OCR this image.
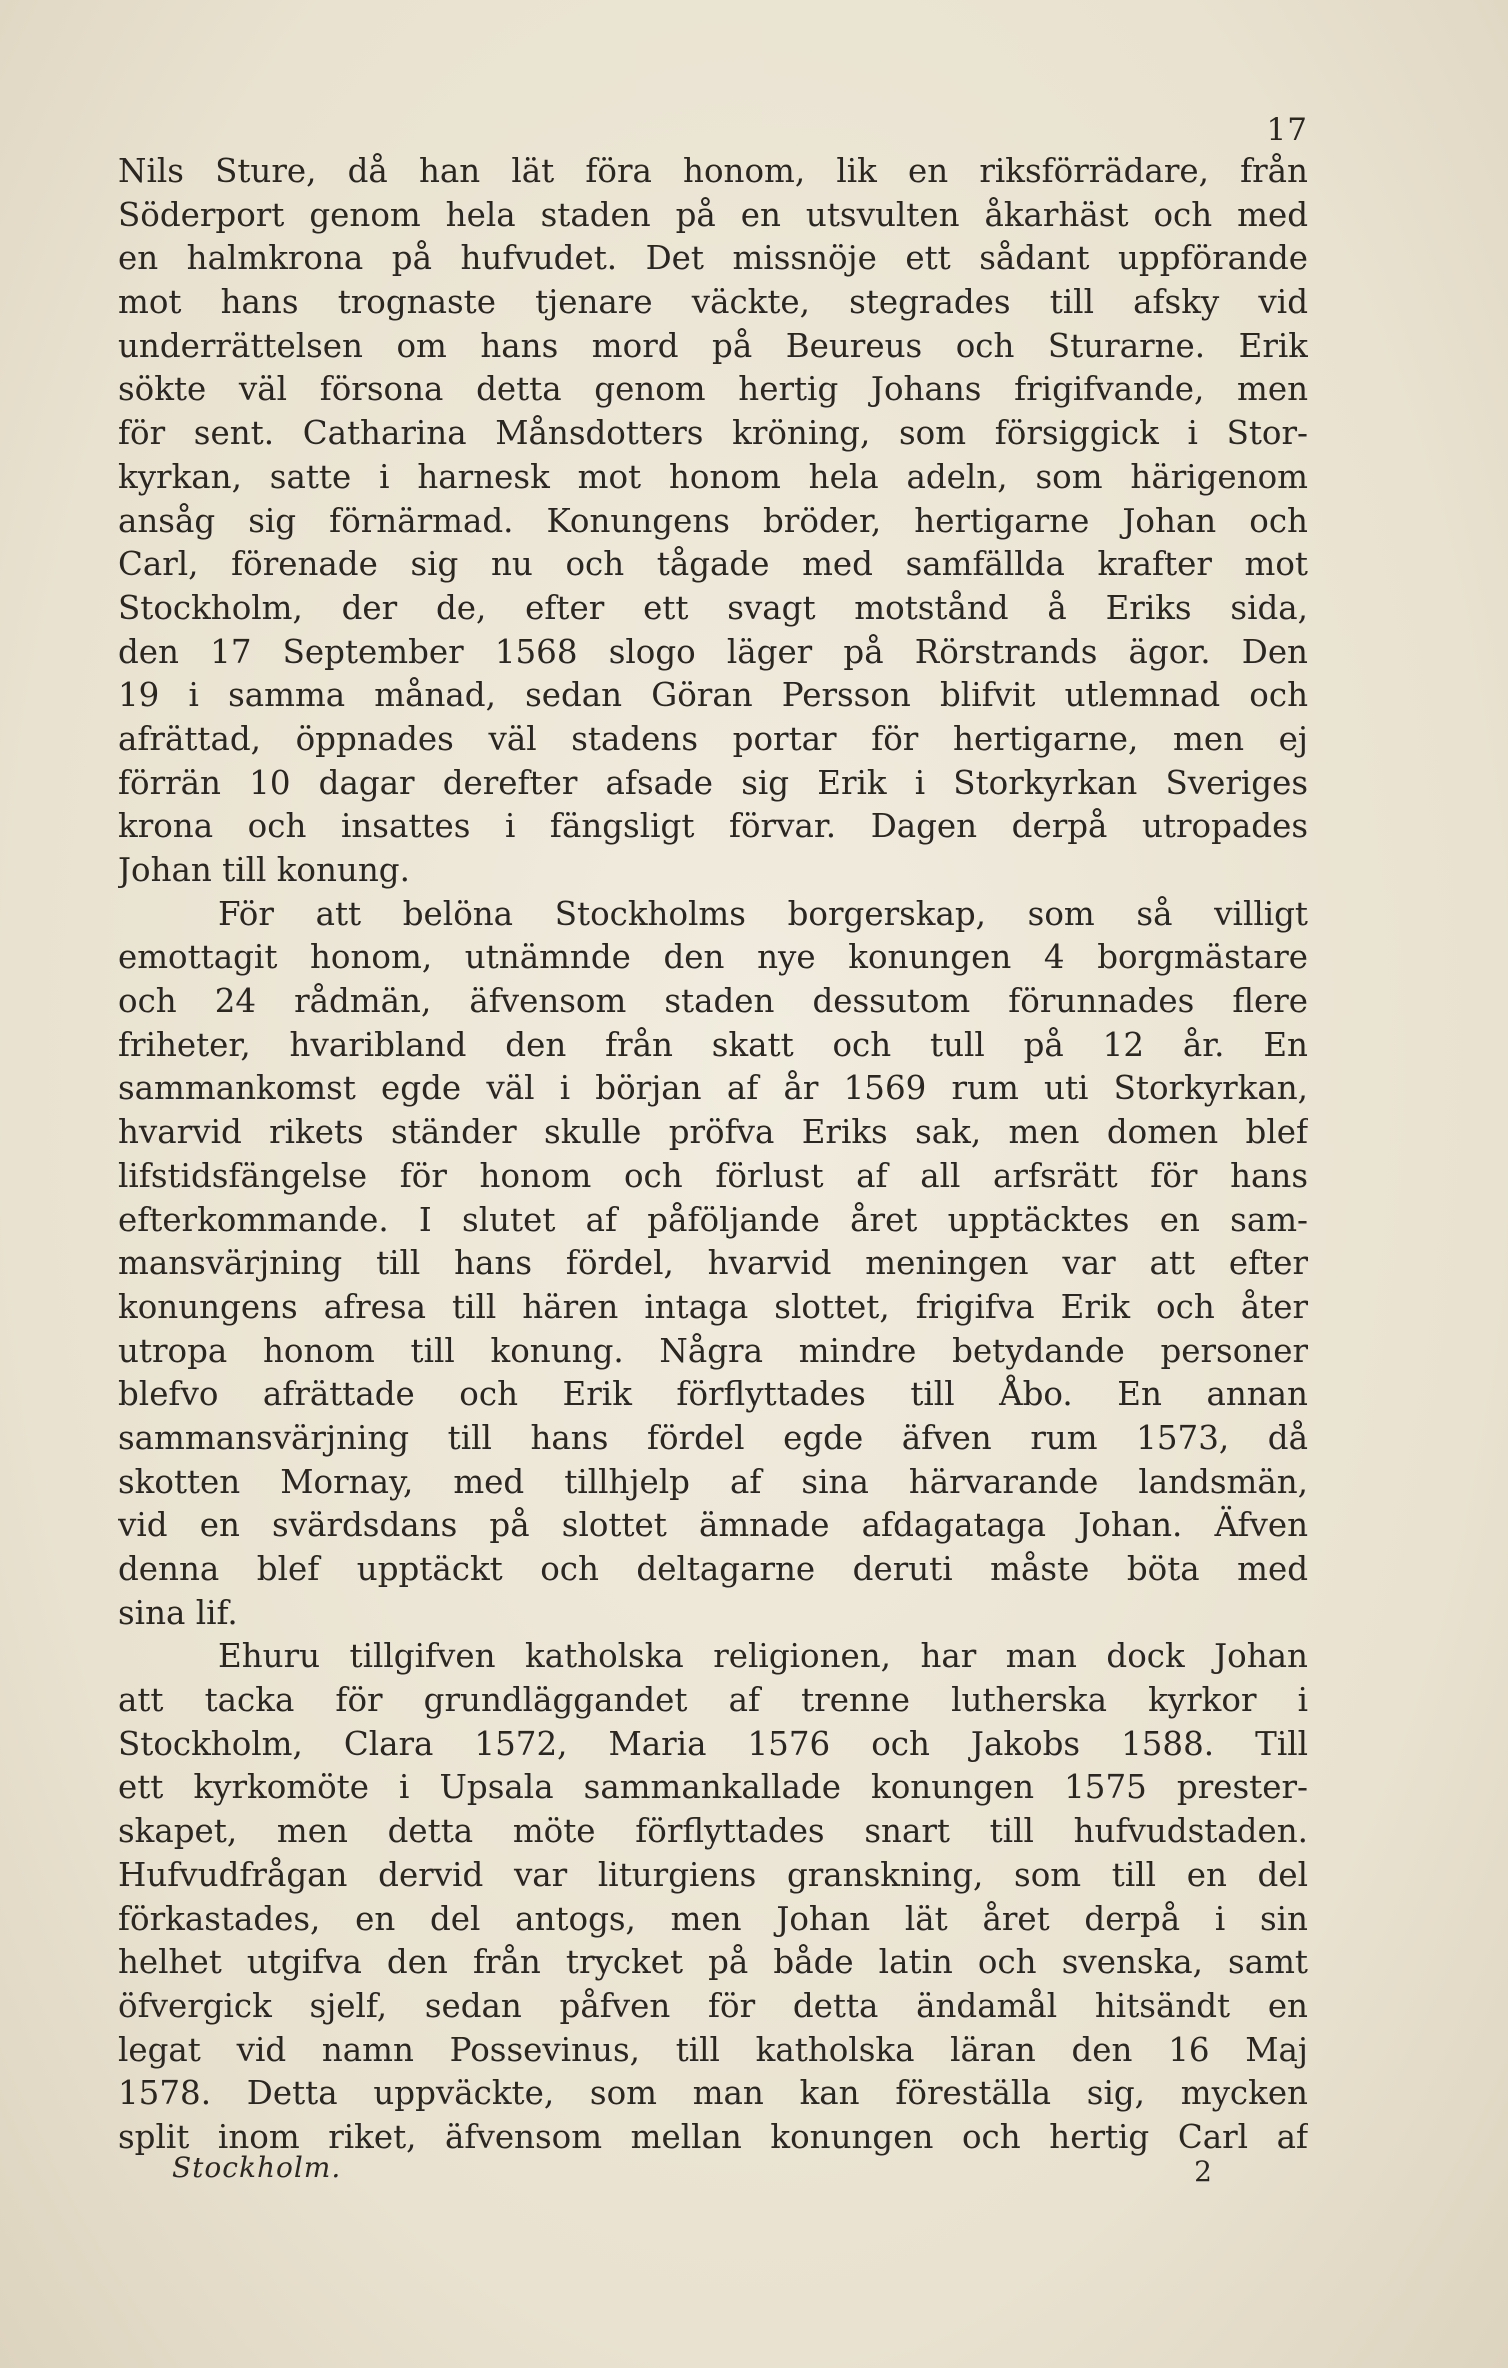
17
Nils Sture, då han lät föra honom, lik en riksförrädare, från
Söderport genom hela staden på en utsvulten åkarhäst och med
en halmkrona på hufvudet. Det missnöje ett sådant uppförande
mot hans trognaste tjenare väckte, stegrades till afsky vid
underrättelsen om hans mord på Beureus och Sturarne. Erik
sökte väl försona detta genom hertig Johans frigifvande, men
för sent. Catharina Månsdotters kröning, som försiggick i Stor-
kyrkan, satte i harnesk mot honom hela adeln, som härigenom
ansåg sig förnärmad. Konungens bröder, hertigarne Johan och
Carl, förenade sig nu och tågade med samfällda krafter mot
Stockholm, der de, efter ett svagt motstånd å Eriks sida,
den 17 September 1568 slogo läger på Rörstrands ägor. Den
19 i samma månad, sedan Göran Persson blifvit utlemnad och
afrättad, öppnades väl stadens portar för hertigarne, men ej
förrän 10 dagar derefter afsade sig Erik i Storkyrkan Sveriges
krona och insattes i fängsligt förvar. Dagen derpå utropades
Johan till konung.
För att belöna Stockholms borgerskap, som så villigt
emottagit honom, utnämnde den nye konungen 4 borgmästare
och 24 rådmän, äfvensom staden dessutom förunnades flere
friheter, hvaribland den från skatt och tull på 12 år. En
sammankomst egde väl i början af år 1569 rum uti Storkyrkan,
hvarvid rikets ständer skulle pröfva Eriks sak, men domen blef
lifstidsfängelse för honom och förlust af all arfsrätt för hans
efterkommande. I slutet af påföljande året upptäcktes en sam-
mansvärjning till hans fördel, hvarvid meningen var att efter
konungens afresa till hären intaga slottet, frigifva Erik och åter
utropa honom till konung. Några mindre betydande personer
blefvo afrättade och Erik förflyttades till Åbo. En annan
sammansvärjning till hans fördel egde äfven rum 1573, då
skotten Mornay, med tillhjelp af sina härvarande landsmän,
vid en svärdsdans på slottet ämnade afdagataga Johan. Äfven
denna blef upptäckt och deltagarne deruti måste böta med
sina lif.
Ehuru tillgifven katholska religionen, har man dock Johan
att tacka för grundläggandet af trenne lutherska kyrkor i
Stockholm, Clara 1572, Maria 1576 och Jakobs 1588. Till
ett kyrkomöte i Upsala sammankallade konungen 1575 prester-
skapet, men detta möte förflyttades snart till hufvudstaden.
Hufvudfrågan dervid var liturgiens granskning, som till en del
förkastades, en del antogs, men Johan lät året derpå i sin
helhet utgifva den från trycket på både latin och svenska, samt
öfvergick sjelf, sedan påfven för detta ändamål hitsändt en
legat vid namn Possevinus, till katholska läran den 16 Maj
1578. Detta uppväckte, som man kan föreställa sig, mycken
split inom riket, äfvensom mellan konungen och hertig Carl af
Stockholm.	2
